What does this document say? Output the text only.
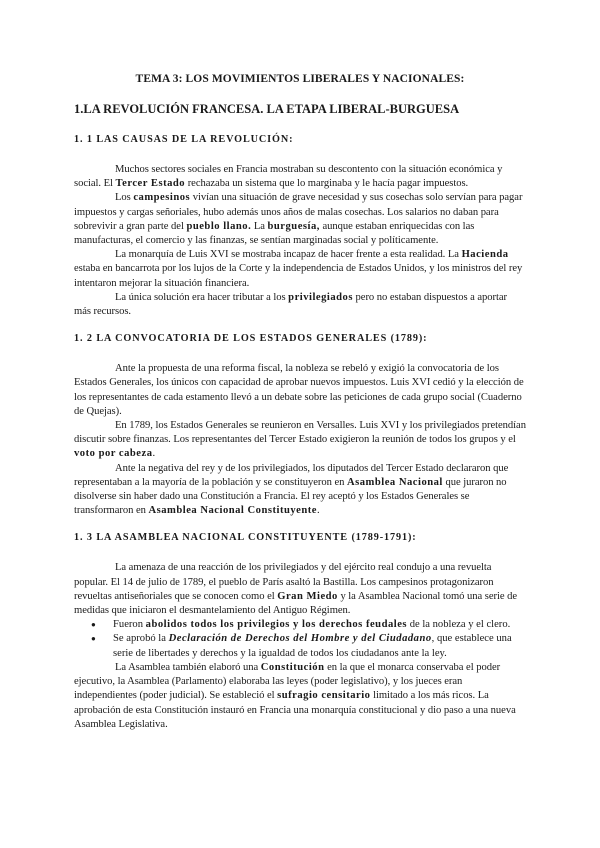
TEMA 3: LOS MOVIMIENTOS LIBERALES Y NACIONALES:
1.LA REVOLUCIÓN FRANCESA. LA ETAPA LIBERAL-BURGUESA
1. 1 LAS CAUSAS DE LA REVOLUCIÓN:

Muchos sectores sociales en Francia mostraban su descontento con la situación económica y social. El Tercer Estado rechazaba un sistema que lo marginaba y le hacía pagar impuestos.

Los campesinos vivían una situación de grave necesidad y sus cosechas solo servían para pagar impuestos y cargas señoriales, hubo además unos años de malas cosechas. Los salarios no daban para sobrevivir a gran parte del pueblo llano. La burguesía, aunque estaban enriquecidas con las manufacturas, el comercio y las finanzas, se sentían marginadas social y políticamente.

La monarquía de Luis XVI se mostraba incapaz de hacer frente a esta realidad. La Hacienda estaba en bancarrota por los lujos de la Corte y la independencia de Estados Unidos, y los ministros del rey intentaron mejorar la situación financiera.

La única solución era hacer tributar a los privilegiados pero no estaban dispuestos a aportar más recursos.

1. 2 LA CONVOCATORIA DE LOS ESTADOS GENERALES (1789):

Ante la propuesta de una reforma fiscal, la nobleza se rebeló y exigió la convocatoria de los Estados Generales, los únicos con capacidad de aprobar nuevos impuestos. Luis XVI cedió y la elección de los representantes de cada estamento llevó a un debate sobre las peticiones de cada grupo social (Cuaderno de Quejas).

En 1789, los Estados Generales se reunieron en Versalles. Luis XVI y los privilegiados pretendían discutir sobre finanzas. Los representantes del Tercer Estado exigieron la reunión de todos los grupos y el voto por cabeza.

Ante la negativa del rey y de los privilegiados, los diputados del Tercer Estado declararon que representaban a la mayoría de la población y se constituyeron en Asamblea Nacional que juraron no disolverse sin haber dado una Constitución a Francia. El rey aceptó y los Estados Generales se transformaron en Asamblea Nacional Constituyente.

1. 3 LA ASAMBLEA NACIONAL CONSTITUYENTE (1789-1791):

La amenaza de una reacción de los privilegiados y del ejército real condujo a una revuelta popular. El 14 de julio de 1789, el pueblo de París asaltó la Bastilla. Los campesinos protagonizaron revueltas antiseñoriales que se conocen como el Gran Miedo y la Asamblea Nacional tomó una serie de medidas que iniciaron el desmantelamiento del Antiguo Régimen.

● Fueron abolidos todos los privilegios y los derechos feudales de la nobleza y el clero.
● Se aprobó la Declaración de Derechos del Hombre y del Ciudadano, que establece una serie de libertades y derechos y la igualdad de todos los ciudadanos ante la ley.

La Asamblea también elaboró una Constitución en la que el monarca conservaba el poder ejecutivo, la Asamblea (Parlamento) elaboraba las leyes (poder legislativo), y los jueces eran independientes (poder judicial). Se estableció el sufragio censitario limitado a los más ricos. La aprobación de esta Constitución instauró en Francia una monarquía constitucional y dio paso a una nueva Asamblea Legislativa.
